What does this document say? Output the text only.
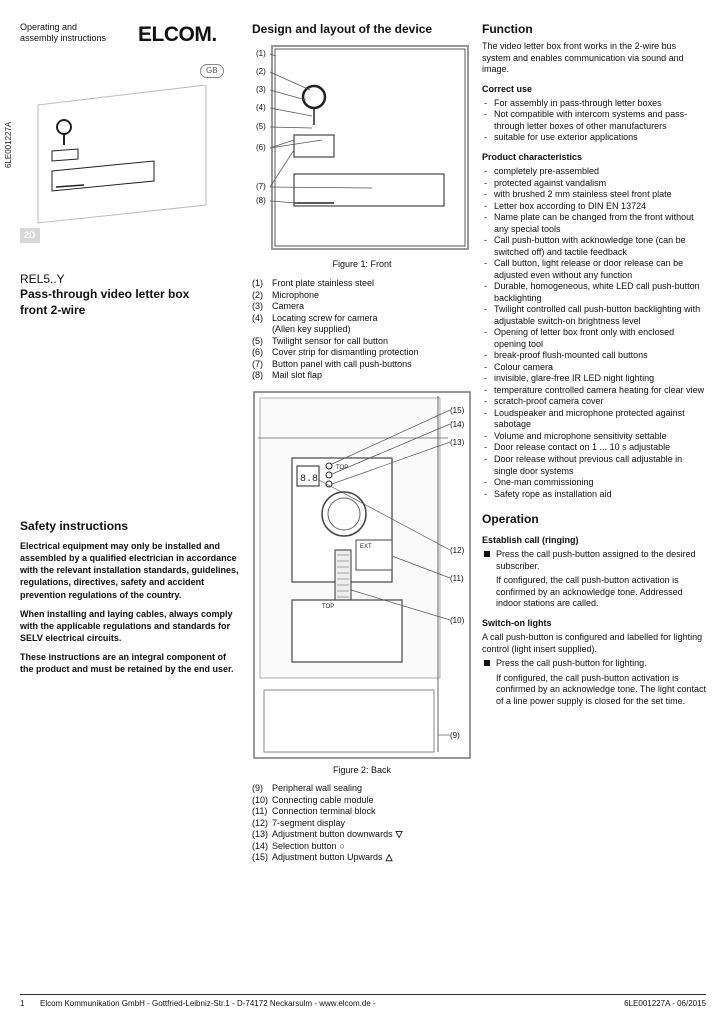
Operating and
assembly instructions	ELCOM.
GB
6LE001227A
2D
REL5..Y
Pass-through video letter box
front 2-wire
Safety instructions

Electrical equipment may only be installed and assembled by a qualified electrician in accordance with the relevant installation standards, guidelines, regulations, directives, safety and accident prevention regulations of the country.

When installing and laying cables, always comply with the applicable regulations and standards for SELV electrical circuits.

These instructions are an integral component of the product and must be retained by the end user.

Design and layout of the device
(1)
(2)
(3)
(4)
(5)
(6)
(7)
(8)
Figure 1: Front
(1)	Front plate stainless steel
(2)	Microphone
(3)	Camera
(4)	Locating screw for camera
(Allen key supplied)
(5)	Twilight sensor for call button
(6)	Cover strip for dismantling protection
(7)	Button panel with call push-buttons
(8)	Mail slot flap
8.8
TOP
EXT
TOP
(15)
(14)
(13)
(12)
(11)
(10)
(9)
Figure 2: Back
(9)	Peripheral wall sealing
(10) Connecting cable module
(11) Connection terminal block
(12) 7-segment display
(13) Adjustment button downwards ▽
(14) Selection button ○
(15) Adjustment button Upwards △
Function

The video letter box front works in the 2-wire bus system and enables communication via sound and image.

Correct use
- For assembly in pass-through letter boxes
- Not compatible with intercom systems and pass-through letter boxes of other manufacturers
- suitable for use exterior applications
Product characteristics
- completely pre-assembled
- protected against vandalism
- with brushed 2 mm stainless steel front plate
- Letter box according to DIN EN 13724
- Name plate can be changed from the front without any special tools
- Call push-button with acknowledge tone (can be switched off) and tactile feedback
- Call button, light release or door release can be adjusted even without any function
- Durable, homogeneous, white LED call push-button backlighting
- Twilight controlled call push-button backlighting with adjustable switch-on brightness level
- Opening of letter box front only with enclosed opening tool
- break-proof flush-mounted call buttons
- Colour camera
- invisible, glare-free IR LED night lighting
- temperature controlled camera heating for clear view
- scratch-proof camera cover
- Loudspeaker and microphone protected against sabotage
- Volume and microphone sensitivity settable
- Door release contact on 1 ... 10 s adjustable
- Door release without previous call adjustable in single door systems
- One-man commissioning
- Safety rope as installation aid
Operation
Establish call (ringing)
Press the call push-button assigned to the desired subscriber.

If configured, the call push-button activation is confirmed by an acknowledge tone. Addressed indoor stations are called.

Switch-on lights

A call push-button is configured and labelled for lighting control (light insert supplied).

Press the call push-button for lighting.

If configured, the call push-button activation is confirmed by an acknowledge tone. The light contact of a line power supply is closed for the set time.

1	Elcom Kommunikation GmbH - Gottfried-Leibniz-Str.1 - D-74172 Neckarsulm - www.elcom.de -	6LE001227A - 06/2015
